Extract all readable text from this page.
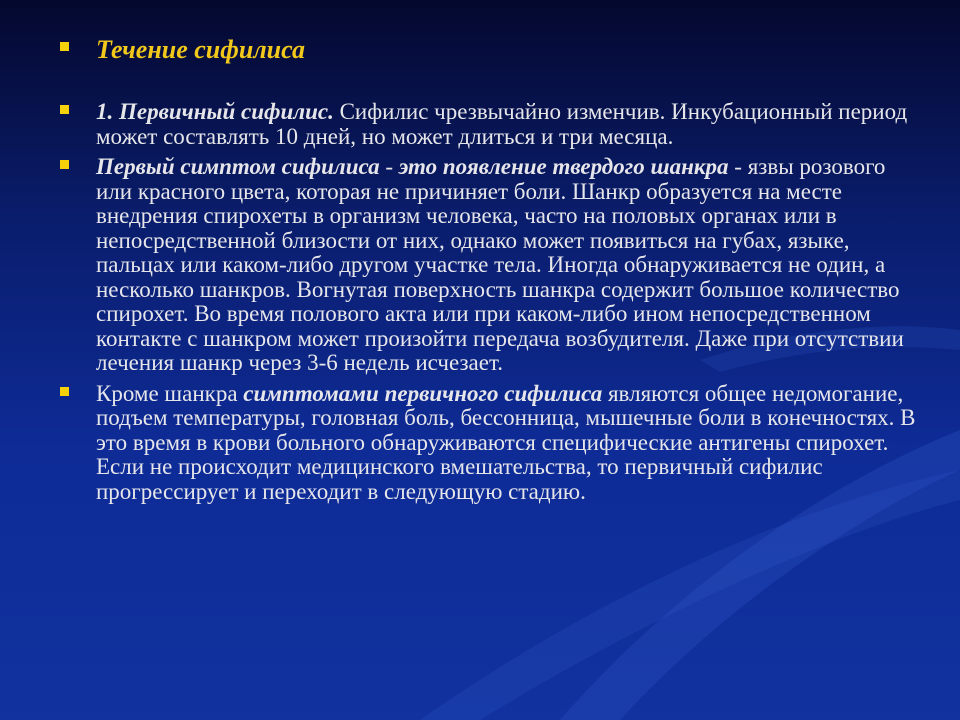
Течение сифилиса
1. Первичный сифилис. Сифилис чрезвычайно изменчив. Инкубационный период может составлять 10 дней, но может длиться и три месяца.
Первый симптом сифилиса - это появление твердого шанкра - язвы розового или красного цвета, которая не причиняет боли. Шанкр образуется на месте внедрения спирохеты в организм человека, часто на половых органах или в непосредственной близости от них, однако может появиться на губах, языке, пальцах или каком-либо другом участке тела. Иногда обнаруживается не один, а несколько шанкров. Вогнутая поверхность шанкра содержит большое количество спирохет. Во время полового акта или при каком-либо ином непосредственном контакте с шанкром может произойти передача возбудителя. Даже при отсутствии лечения шанкр через 3-6 недель исчезает.
Кроме шанкра симптомами первичного сифилиса являются общее недомогание, подъем температуры, головная боль, бессонница, мышечные боли в конечностях. В это время в крови больного обнаруживаются специфические антигены спирохет. Если не происходит медицинского вмешательства, то первичный сифилис прогрессирует и переходит в следующую стадию.
